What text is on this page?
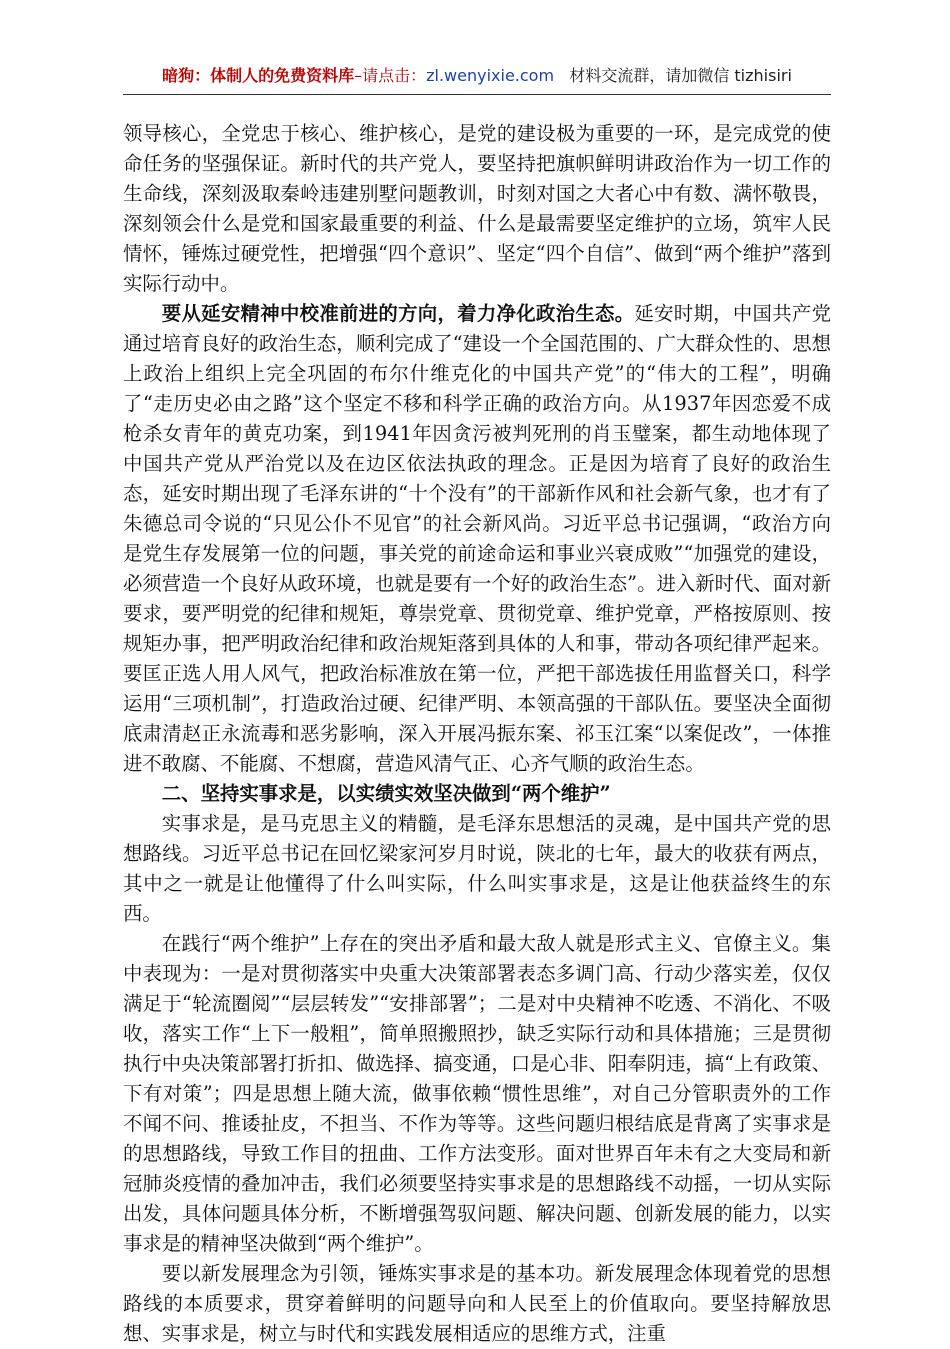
暗狗：体制人的免费资料库–请点击：zl.wenyixie.com 材料交流群，请加微信 tizhisiri

领导核心，全党忠于核心、维护核心，是党的建设极为重要的一环，是完成党的使命任务的坚强保证。新时代的共产党人，要坚持把旗帜鲜明讲政治作为一切工作的生命线，深刻汲取秦岭违建别墅问题教训，时刻对国之大者心中有数、满怀敬畏，深刻领会什么是党和国家最重要的利益、什么是最需要坚定维护的立场，筑牢人民情怀，锤炼过硬党性，把增强“四个意识”、坚定“四个自信”、做到“两个维护”落到实际行动中。

要从延安精神中校准前进的方向，着力净化政治生态。延安时期，中国共产党通过培育良好的政治生态，顺利完成了“建设一个全国范围的、广大群众性的、思想上政治上组织上完全巩固的布尔什维克化的中国共产党”的“伟大的工程”，明确了“走历史必由之路”这个坚定不移和科学正确的政治方向。从1937年因恋爱不成枪杀女青年的黄克功案，到1941年因贪污被判死刑的肖玉璧案，都生动地体现了中国共产党从严治党以及在边区依法执政的理念。正是因为培育了良好的政治生态，延安时期出现了毛泽东讲的“十个没有”的干部新作风和社会新气象，也才有了朱德总司令说的“只见公仆不见官”的社会新风尚。习近平总书记强调，“政治方向是党生存发展第一位的问题，事关党的前途命运和事业兴衰成败”“加强党的建设，必须营造一个良好从政环境，也就是要有一个好的政治生态”。进入新时代、面对新要求，要严明党的纪律和规矩，尊崇党章、贯彻党章、维护党章，严格按原则、按规矩办事，把严明政治纪律和政治规矩落到具体的人和事，带动各项纪律严起来。要匡正选人用人风气，把政治标准放在第一位，严把干部选拔任用监督关口，科学运用“三项机制”，打造政治过硬、纪律严明、本领高强的干部队伍。要坚决全面彻底肃清赵正永流毒和恶劣影响，深入开展冯振东案、祁玉江案“以案促改”，一体推进不敢腐、不能腐、不想腐，营造风清气正、心齐气顺的政治生态。

二、坚持实事求是，以实绩实效坚决做到“两个维护”

实事求是，是马克思主义的精髓，是毛泽东思想活的灵魂，是中国共产党的思想路线。习近平总书记在回忆梁家河岁月时说，陕北的七年，最大的收获有两点，其中之一就是让他懂得了什么叫实际，什么叫实事求是，这是让他获益终生的东西。

在践行“两个维护”上存在的突出矛盾和最大敌人就是形式主义、官僚主义。集中表现为：一是对贯彻落实中央重大决策部署表态多调门高、行动少落实差，仅仅满足于“轮流圈阅”“层层转发”“安排部署”；二是对中央精神不吃透、不消化、不吸收，落实工作“上下一般粗”，简单照搬照抄，缺乏实际行动和具体措施；三是贯彻执行中央决策部署打折扣、做选择、搞变通，口是心非、阳奉阴违，搞“上有政策、下有对策”；四是思想上随大流，做事依赖“惯性思维”，对自己分管职责外的工作不闻不问、推诿扯皮，不担当、不作为等等。这些问题归根结底是背离了实事求是的思想路线，导致工作目的扭曲、工作方法变形。面对世界百年未有之大变局和新冠肺炎疫情的叠加冲击，我们必须要坚持实事求是的思想路线不动摇，一切从实际出发，具体问题具体分析，不断增强驾驭问题、解决问题、创新发展的能力，以实事求是的精神坚决做到“两个维护”。

要以新发展理念为引领，锤炼实事求是的基本功。新发展理念体现着党的思想路线的本质要求，贯穿着鲜明的问题导向和人民至上的价值取向。要坚持解放思想、实事求是，树立与时代和实践发展相适应的思维方式，注重
